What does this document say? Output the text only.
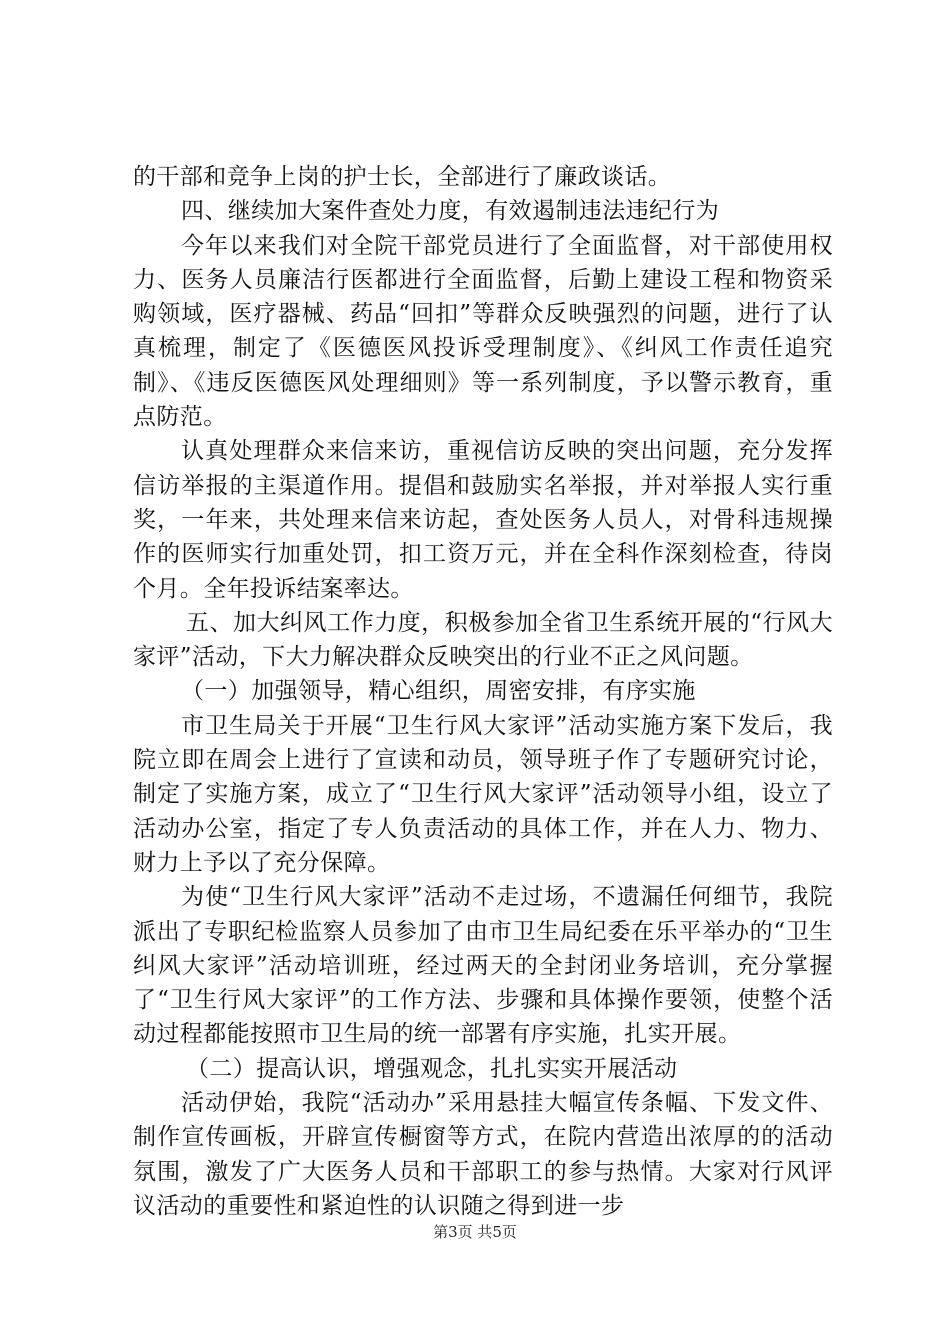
的干部和竞争上岗的护士长，全部进行了廉政谈话。

四、继续加大案件查处力度，有效遏制违法违纪行为

今年以来我们对全院干部党员进行了全面监督，对干部使用权力、医务人员廉洁行医都进行全面监督，后勤上建设工程和物资采购领域，医疗器械、药品“回扣”等群众反映强烈的问题，进行了认真梳理，制定了《医德医风投诉受理制度》、《纠风工作责任追究制》、《违反医德医风处理细则》等一系列制度，予以警示教育，重点防范。

认真处理群众来信来访，重视信访反映的突出问题，充分发挥信访举报的主渠道作用。提倡和鼓励实名举报，并对举报人实行重奖，一年来，共处理来信来访起，查处医务人员人，对骨科违规操作的医师实行加重处罚，扣工资万元，并在全科作深刻检查，待岗个月。全年投诉结案率达。

五、加大纠风工作力度，积极参加全省卫生系统开展的“行风大家评”活动，下大力解决群众反映突出的行业不正之风问题。

（一）加强领导，精心组织，周密安排，有序实施

市卫生局关于开展“卫生行风大家评”活动实施方案下发后，我院立即在周会上进行了宣读和动员，领导班子作了专题研究讨论，制定了实施方案，成立了“卫生行风大家评”活动领导小组，设立了活动办公室，指定了专人负责活动的具体工作，并在人力、物力、财力上予以了充分保障。

为使“卫生行风大家评”活动不走过场，不遗漏任何细节，我院派出了专职纪检监察人员参加了由市卫生局纪委在乐平举办的“卫生纠风大家评”活动培训班，经过两天的全封闭业务培训，充分掌握了“卫生行风大家评”的工作方法、步骤和具体操作要领，使整个活动过程都能按照市卫生局的统一部署有序实施，扎实开展。

（二）提高认识，增强观念，扎扎实实开展活动

活动伊始，我院“活动办”采用悬挂大幅宣传条幅、下发文件、制作宣传画板，开辟宣传橱窗等方式，在院内营造出浓厚的的活动氛围，激发了广大医务人员和干部职工的参与热情。大家对行风评议活动的重要性和紧迫性的认识随之得到进一步

第3页 共5页
